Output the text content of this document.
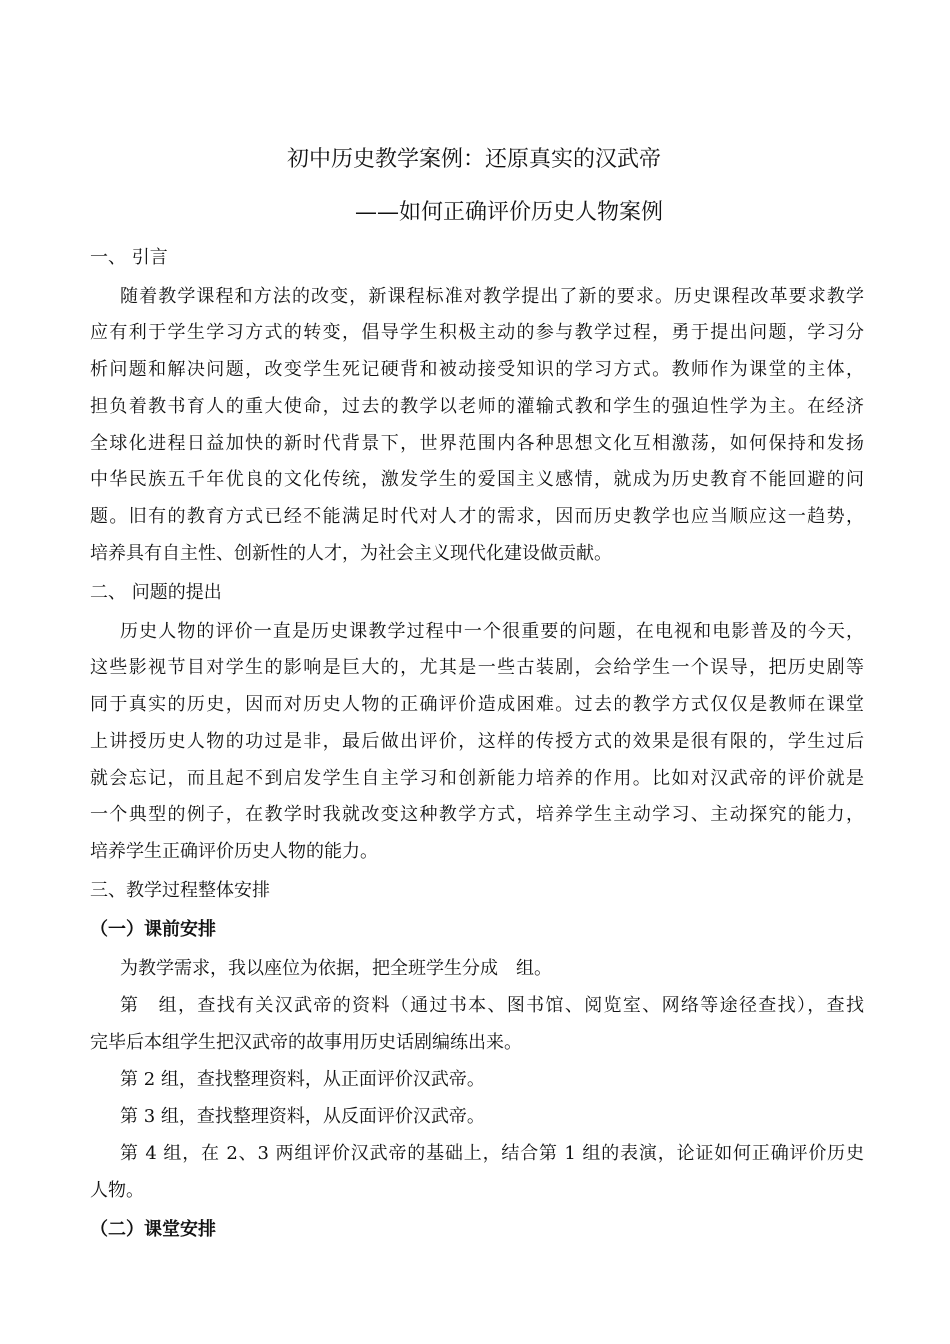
初中历史教学案例：还原真实的汉武帝
——如何正确评价历史人物案例
一、 引言
随着教学课程和方法的改变，新课程标准对教学提出了新的要求。历史课程改革要求教学
应有利于学生学习方式的转变，倡导学生积极主动的参与教学过程，勇于提出问题，学习分
析问题和解决问题，改变学生死记硬背和被动接受知识的学习方式。教师作为课堂的主体，
担负着教书育人的重大使命，过去的教学以老师的灌输式教和学生的强迫性学为主。在经济
全球化进程日益加快的新时代背景下，世界范围内各种思想文化互相激荡，如何保持和发扬
中华民族五千年优良的文化传统，激发学生的爱国主义感情，就成为历史教育不能回避的问
题。旧有的教育方式已经不能满足时代对人才的需求，因而历史教学也应当顺应这一趋势，
培养具有自主性、创新性的人才，为社会主义现代化建设做贡献。
二、 问题的提出
历史人物的评价一直是历史课教学过程中一个很重要的问题，在电视和电影普及的今天，
这些影视节目对学生的影响是巨大的，尤其是一些古装剧，会给学生一个误导，把历史剧等
同于真实的历史，因而对历史人物的正确评价造成困难。过去的教学方式仅仅是教师在课堂
上讲授历史人物的功过是非，最后做出评价，这样的传授方式的效果是很有限的，学生过后
就会忘记，而且起不到启发学生自主学习和创新能力培养的作用。比如对汉武帝的评价就是
一个典型的例子，在教学时我就改变这种教学方式，培养学生主动学习、主动探究的能力，
培养学生正确评价历史人物的能力。
三、教学过程整体安排
（一）课前安排
为教学需求，我以座位为依据，把全班学生分成　组。
第　组，查找有关汉武帝的资料（通过书本、图书馆、阅览室、网络等途径查找），查找
完毕后本组学生把汉武帝的故事用历史话剧编练出来。
第 2 组，查找整理资料，从正面评价汉武帝。
第 3 组，查找整理资料，从反面评价汉武帝。
第 4 组，在 2、3 两组评价汉武帝的基础上，结合第 1 组的表演，论证如何正确评价历史
人物。
（二）课堂安排
